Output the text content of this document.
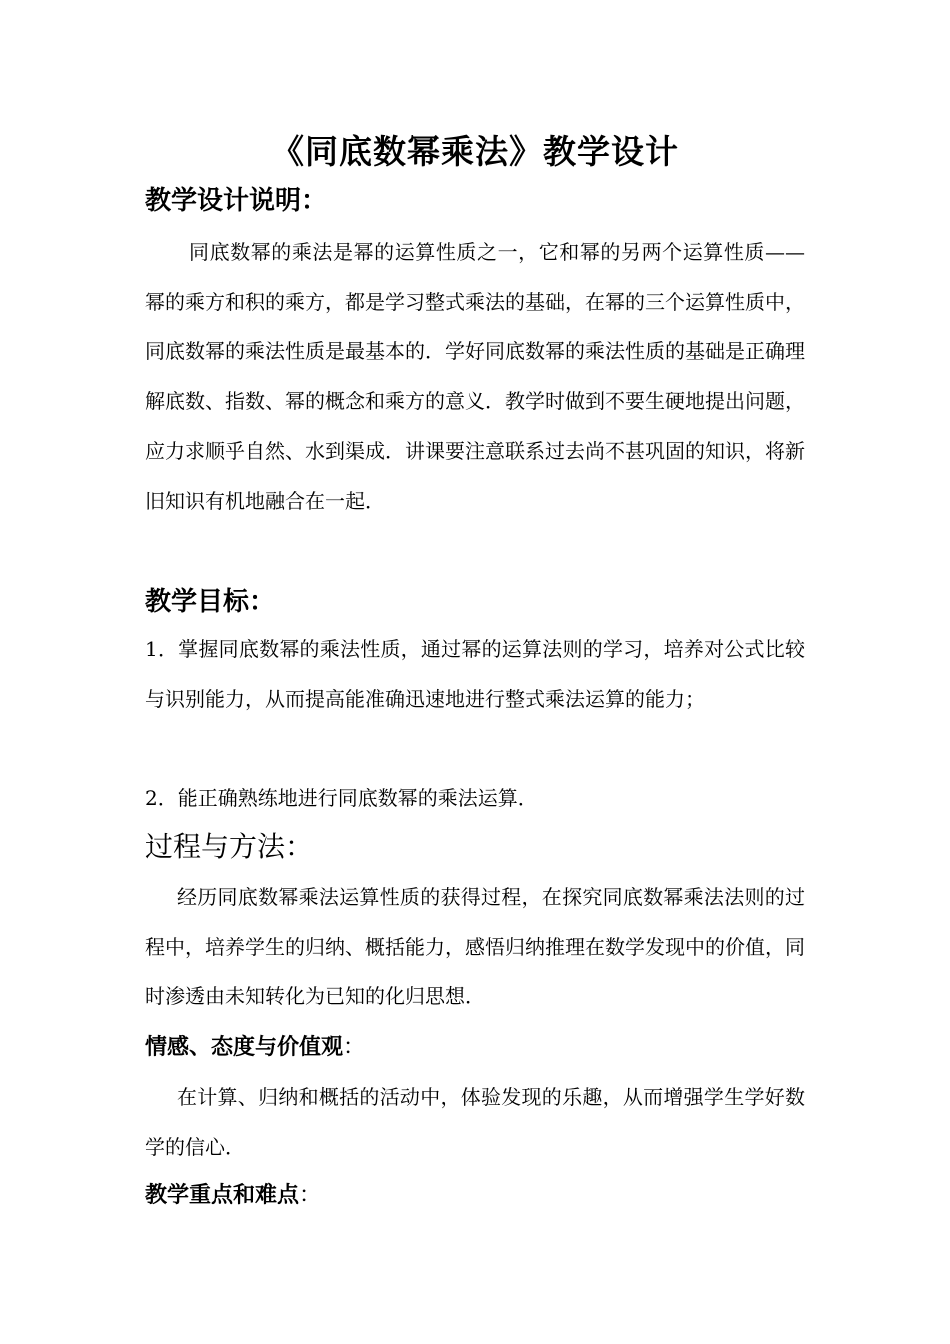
《同底数幂乘法》教学设计
教学设计说明：
同底数幂的乘法是幂的运算性质之一，它和幂的另两个运算性质——幂的乘方和积的乘方，都是学习整式乘法的基础，在幂的三个运算性质中，同底数幂的乘法性质是最基本的．学好同底数幂的乘法性质的基础是正确理解底数、指数、幂的概念和乘方的意义．教学时做到不要生硬地提出问题，应力求顺乎自然、水到渠成．讲课要注意联系过去尚不甚巩固的知识，将新旧知识有机地融合在一起．
教学目标：
1．掌握同底数幂的乘法性质，通过幂的运算法则的学习，培养对公式比较与识别能力，从而提高能准确迅速地进行整式乘法运算的能力；
2．能正确熟练地进行同底数幂的乘法运算．
过程与方法：
经历同底数幂乘法运算性质的获得过程，在探究同底数幂乘法法则的过程中，培养学生的归纳、概括能力，感悟归纳推理在数学发现中的价值，同时渗透由未知转化为已知的化归思想．
情感、态度与价值观：
在计算、归纳和概括的活动中，体验发现的乐趣，从而增强学生学好数学的信心．
教学重点和难点：
